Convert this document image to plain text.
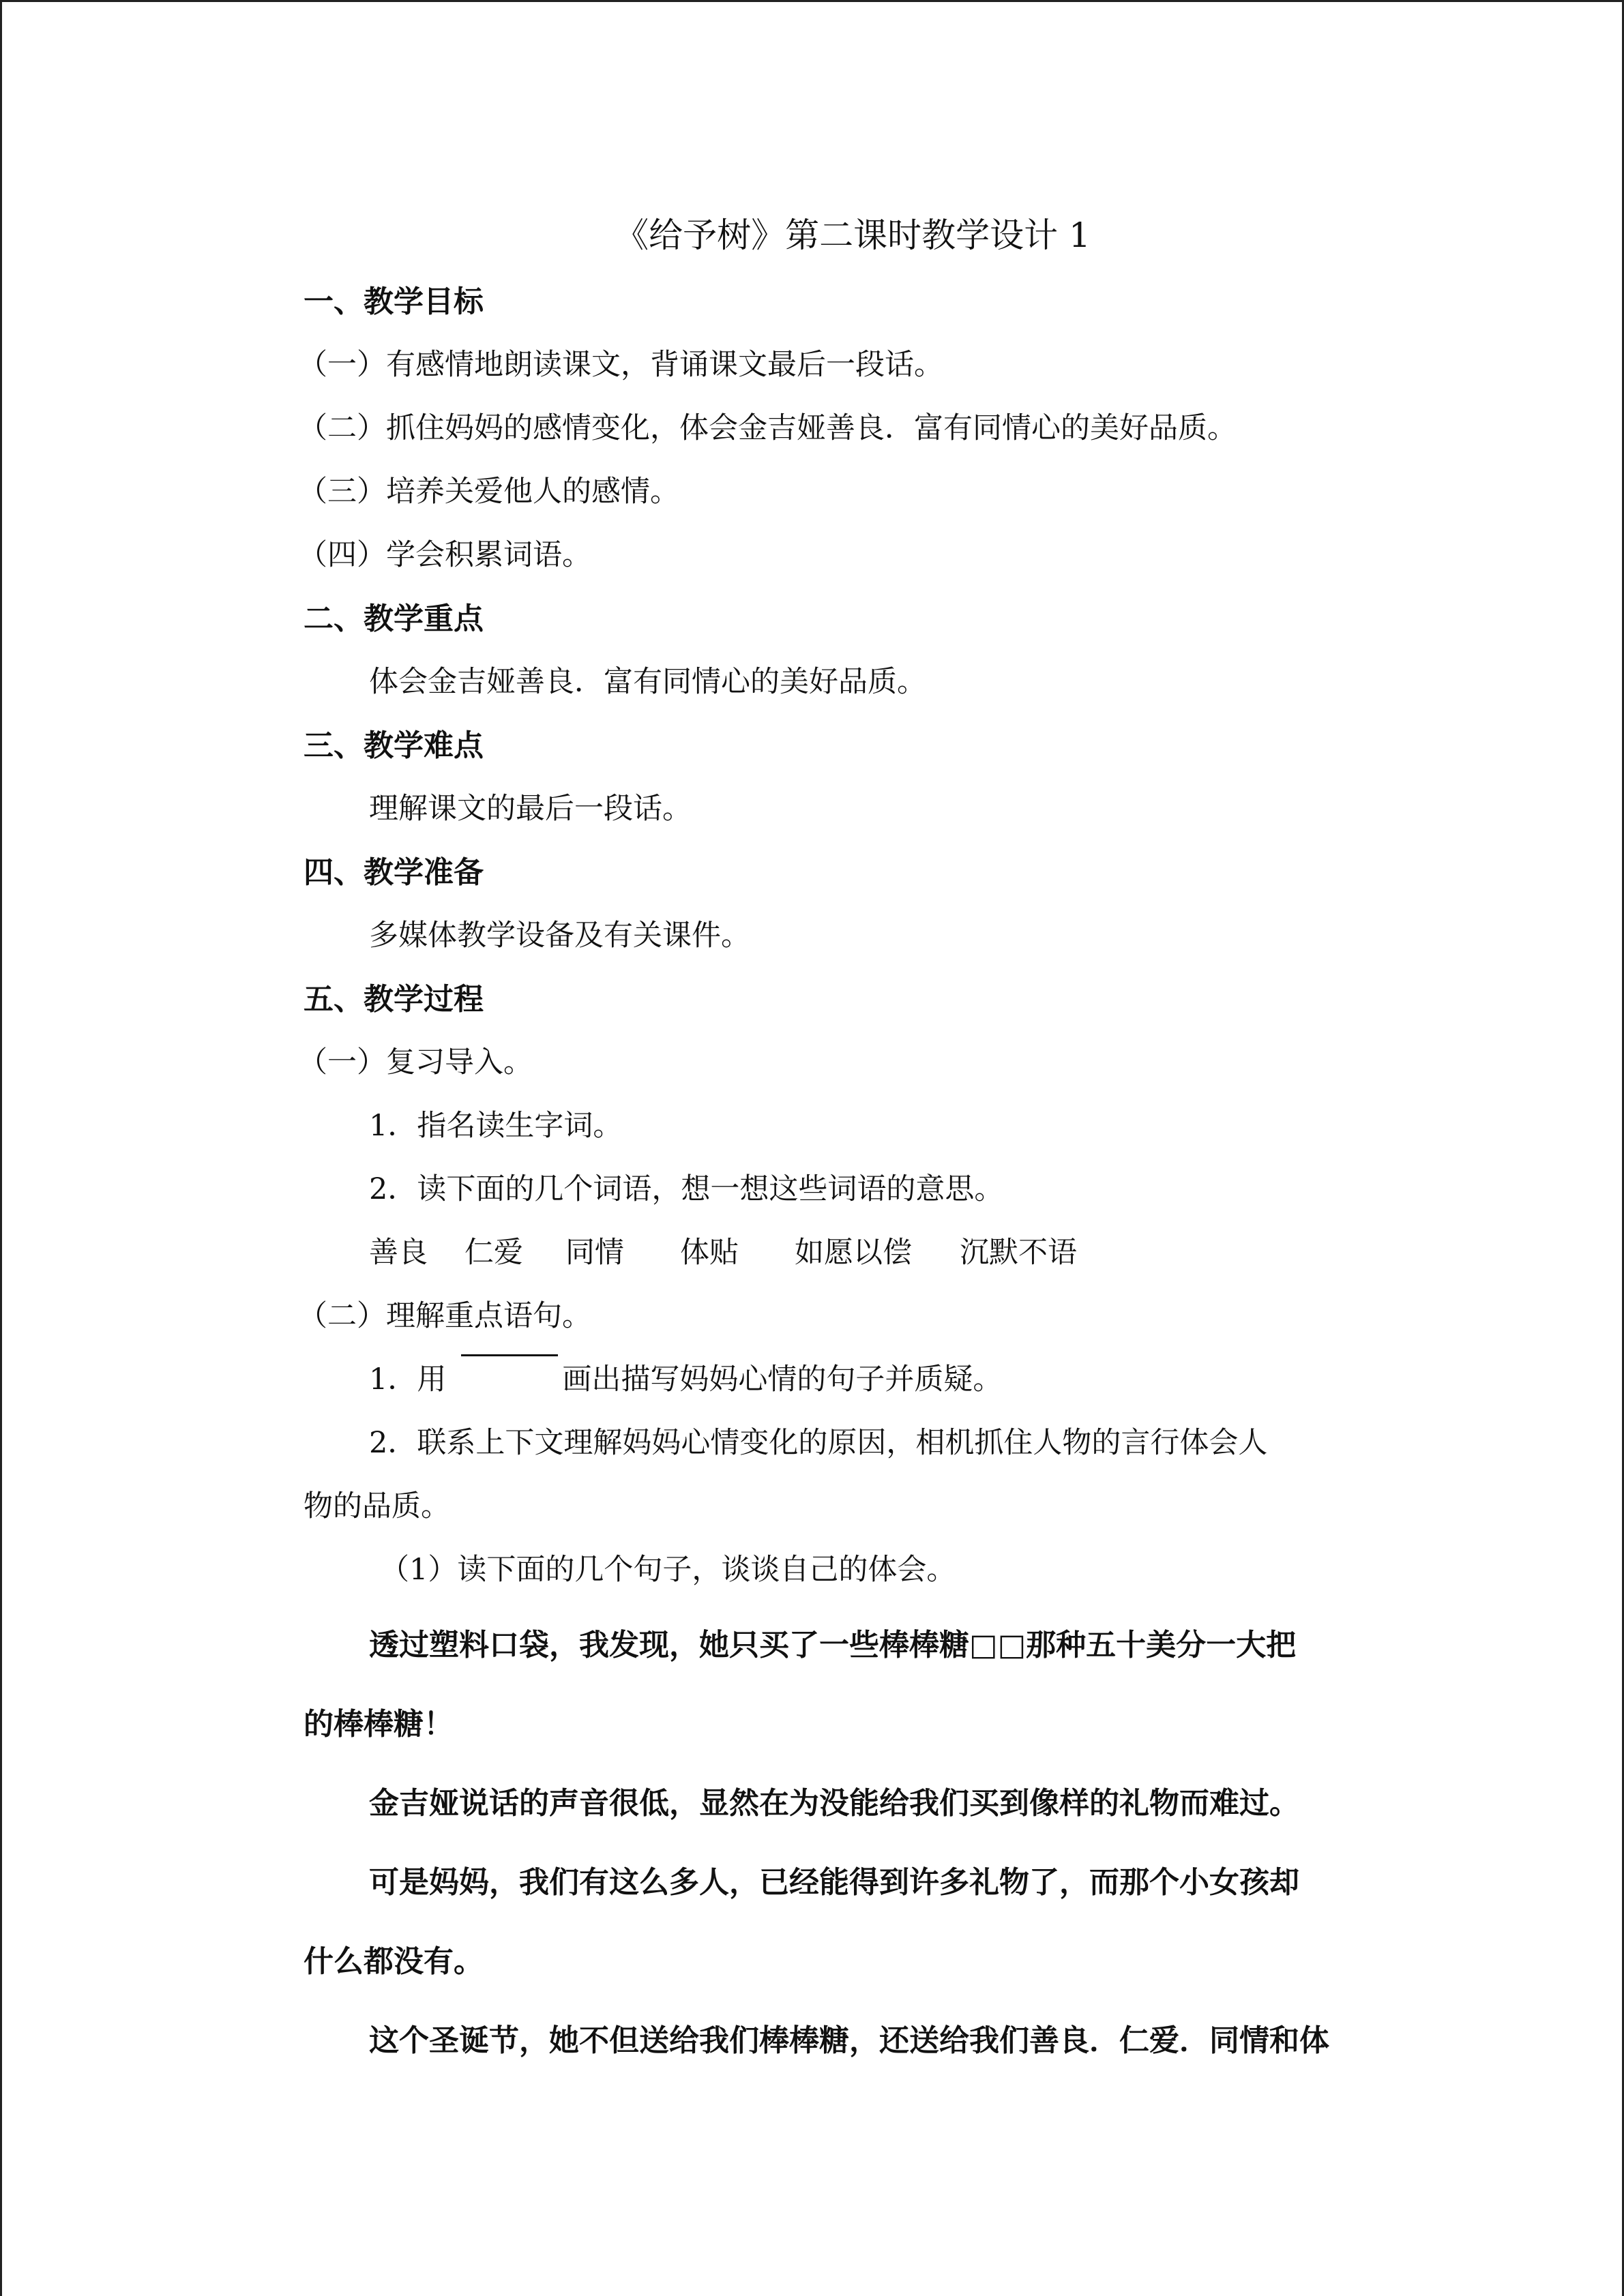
《给予树》第二课时教学设计 1

一、教学目标

（一）有感情地朗读课文，背诵课文最后一段话。

（二）抓住妈妈的感情变化，体会金吉娅善良．富有同情心的美好品质。

（三）培养关爱他人的感情。

（四）学会积累词语。

二、教学重点

体会金吉娅善良．富有同情心的美好品质。

三、教学难点

理解课文的最后一段话。

四、教学准备

多媒体教学设备及有关课件。

五、教学过程

（一）复习导入。

1．指名读生字词。

2．读下面的几个词语，想一想这些词语的意思。

善良 仁爱 同情 体贴 如愿以偿 沉默不语

（二）理解重点语句。

1．用	画出描写妈妈心情的句子并质疑。

2．联系上下文理解妈妈心情变化的原因，相机抓住人物的言行体会人

物的品质。

（1）读下面的几个句子，谈谈自己的体会。

透过塑料口袋，我发现，她只买了一些棒棒糖□□那种五十美分一大把

的棒棒糖！

金吉娅说话的声音很低，显然在为没能给我们买到像样的礼物而难过。

可是妈妈，我们有这么多人，已经能得到许多礼物了，而那个小女孩却

什么都没有。

这个圣诞节，她不但送给我们棒棒糖，还送给我们善良．仁爱．同情和体
